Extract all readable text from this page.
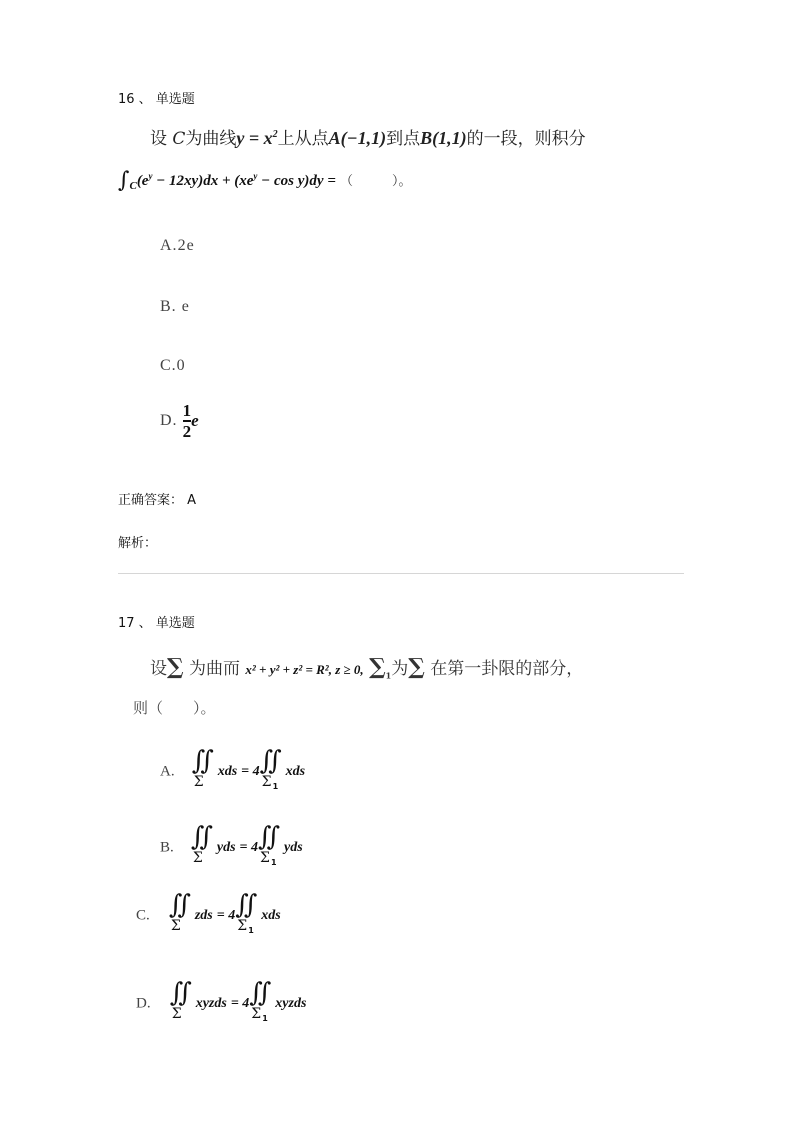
16 、 单选题
设 C为曲线$y = x^2$上从点A(−1,1)到点B(1,1)的一段，则积分
$\int_C(e^y - 12xy)dx + (xe^y - \cos y)dy$ = （　　　）。
A.2e
B. e
C.0
D. $\frac{1}{2}$ e
正确答案： A
解析：
17 、 单选题
设∑ 为曲而 x² + y² + z² = R², z ≥ 0, $\sum_1$为∑ 在第一卦限的部分，
则（　　）。
A. ∬
Σ
xds = 4 ∬
Σ 1
xds
B. ∬
Σ
yds = 4 ∬
Σ 1
yds
C. ∬
Σ
zds = 4 ∬
Σ 1
xds
D. ∬
Σ
xyzds = 4 ∬
Σ 1
xyzds
